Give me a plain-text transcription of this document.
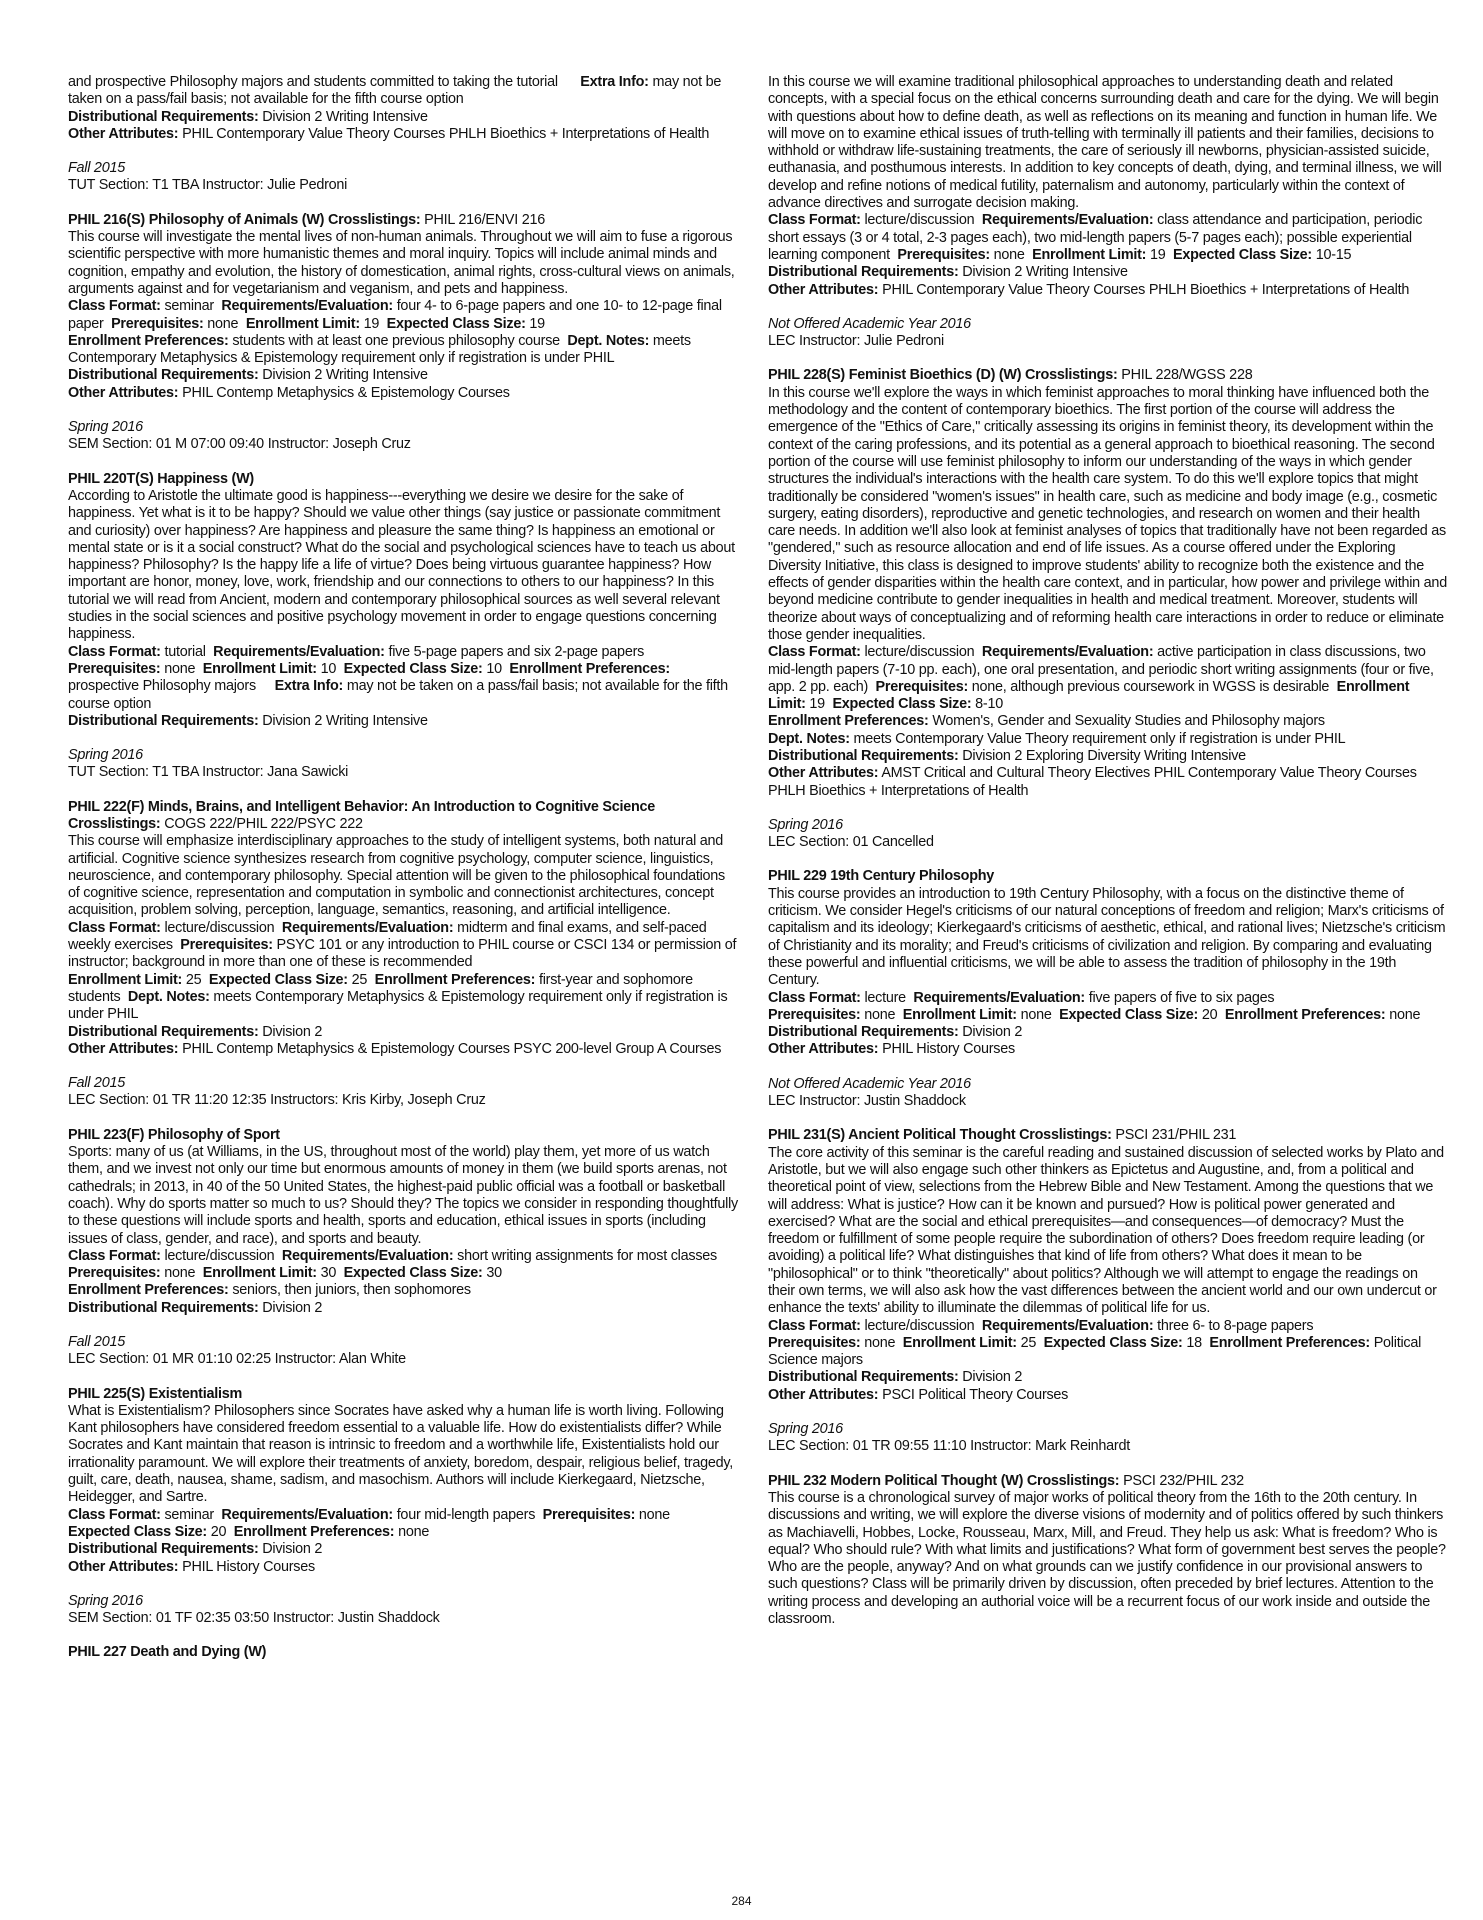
and prospective Philosophy majors and students committed to taking the tutorial Extra Info: may not be taken on a pass/fail basis; not available for the fifth course option
Distributional Requirements: Division 2 Writing Intensive
Other Attributes: PHIL Contemporary Value Theory Courses PHLH Bioethics + Interpretations of Health
Fall 2015
TUT Section: T1 TBA Instructor: Julie Pedroni
PHIL 216(S) Philosophy of Animals (W) Crosslistings: PHIL 216/ENVI 216
This course will investigate the mental lives of non-human animals. Throughout we will aim to fuse a rigorous scientific perspective with more humanistic themes and moral inquiry. Topics will include animal minds and cognition, empathy and evolution, the history of domestication, animal rights, cross-cultural views on animals, arguments against and for vegetarianism and veganism, and pets and happiness.
Class Format: seminar Requirements/Evaluation: four 4- to 6-page papers and one 10- to 12-page final paper Prerequisites: none Enrollment Limit: 19 Expected Class Size: 19
Enrollment Preferences: students with at least one previous philosophy course Dept. Notes: meets Contemporary Metaphysics & Epistemology requirement only if registration is under PHIL
Distributional Requirements: Division 2 Writing Intensive
Other Attributes: PHIL Contemp Metaphysics & Epistemology Courses
Spring 2016
SEM Section: 01 M 07:00 09:40 Instructor: Joseph Cruz
PHIL 220T(S) Happiness (W)
According to Aristotle the ultimate good is happiness---everything we desire we desire for the sake of happiness. Yet what is it to be happy? Should we value other things (say justice or passionate commitment and curiosity) over happiness? Are happiness and pleasure the same thing? Is happiness an emotional or mental state or is it a social construct? What do the social and psychological sciences have to teach us about happiness? Philosophy? Is the happy life a life of virtue? Does being virtuous guarantee happiness? How important are honor, money, love, work, friendship and our connections to others to our happiness? In this tutorial we will read from Ancient, modern and contemporary philosophical sources as well several relevant studies in the social sciences and positive psychology movement in order to engage questions concerning happiness.
Class Format: tutorial Requirements/Evaluation: five 5-page papers and six 2-page papers
Prerequisites: none Enrollment Limit: 10 Expected Class Size: 10 Enrollment Preferences: prospective Philosophy majors Extra Info: may not be taken on a pass/fail basis; not available for the fifth course option
Distributional Requirements: Division 2 Writing Intensive
Spring 2016
TUT Section: T1 TBA Instructor: Jana Sawicki
PHIL 222(F) Minds, Brains, and Intelligent Behavior: An Introduction to Cognitive Science Crosslistings: COGS 222/PHIL 222/PSYC 222
This course will emphasize interdisciplinary approaches to the study of intelligent systems, both natural and artificial. Cognitive science synthesizes research from cognitive psychology, computer science, linguistics, neuroscience, and contemporary philosophy. Special attention will be given to the philosophical foundations of cognitive science, representation and computation in symbolic and connectionist architectures, concept acquisition, problem solving, perception, language, semantics, reasoning, and artificial intelligence.
Class Format: lecture/discussion Requirements/Evaluation: midterm and final exams, and self-paced weekly exercises Prerequisites: PSYC 101 or any introduction to PHIL course or CSCI 134 or permission of instructor; background in more than one of these is recommended
Enrollment Limit: 25 Expected Class Size: 25 Enrollment Preferences: first-year and sophomore students Dept. Notes: meets Contemporary Metaphysics & Epistemology requirement only if registration is under PHIL
Distributional Requirements: Division 2
Other Attributes: PHIL Contemp Metaphysics & Epistemology Courses PSYC 200-level Group A Courses
Fall 2015
LEC Section: 01 TR 11:20 12:35 Instructors: Kris Kirby, Joseph Cruz
PHIL 223(F) Philosophy of Sport
Sports: many of us (at Williams, in the US, throughout most of the world) play them, yet more of us watch them, and we invest not only our time but enormous amounts of money in them (we build sports arenas, not cathedrals; in 2013, in 40 of the 50 United States, the highest-paid public official was a football or basketball coach). Why do sports matter so much to us? Should they? The topics we consider in responding thoughtfully to these questions will include sports and health, sports and education, ethical issues in sports (including issues of class, gender, and race), and sports and beauty.
Class Format: lecture/discussion Requirements/Evaluation: short writing assignments for most classes  Prerequisites: none Enrollment Limit: 30 Expected Class Size: 30
Enrollment Preferences: seniors, then juniors, then sophomores
Distributional Requirements: Division 2
Fall 2015
LEC Section: 01 MR 01:10 02:25 Instructor: Alan White
PHIL 225(S) Existentialism
What is Existentialism? Philosophers since Socrates have asked why a human life is worth living. Following Kant philosophers have considered freedom essential to a valuable life. How do existentialists differ? While Socrates and Kant maintain that reason is intrinsic to freedom and a worthwhile life, Existentialists hold our irrationality paramount. We will explore their treatments of anxiety, boredom, despair, religious belief, tragedy, guilt, care, death, nausea, shame, sadism, and masochism. Authors will include Kierkegaard, Nietzsche, Heidegger, and Sartre.
Class Format: seminar Requirements/Evaluation: four mid-length papers Prerequisites: none   Expected Class Size: 20 Enrollment Preferences: none
Distributional Requirements: Division 2
Other Attributes: PHIL History Courses
Spring 2016
SEM Section: 01 TF 02:35 03:50 Instructor: Justin Shaddock
PHIL 227 Death and Dying (W)
In this course we will examine traditional philosophical approaches to understanding death and related concepts, with a special focus on the ethical concerns surrounding death and care for the dying. We will begin with questions about how to define death, as well as reflections on its meaning and function in human life. We will move on to examine ethical issues of truth-telling with terminally ill patients and their families, decisions to withhold or withdraw life-sustaining treatments, the care of seriously ill newborns, physician-assisted suicide, euthanasia, and posthumous interests. In addition to key concepts of death, dying, and terminal illness, we will develop and refine notions of medical futility, paternalism and autonomy, particularly within the context of advance directives and surrogate decision making.
Class Format: lecture/discussion Requirements/Evaluation: class attendance and participation, periodic short essays (3 or 4 total, 2-3 pages each), two mid-length papers (5-7 pages each); possible experiential learning component Prerequisites: none Enrollment Limit: 19 Expected Class Size: 10-15
Distributional Requirements: Division 2 Writing Intensive
Other Attributes: PHIL Contemporary Value Theory Courses PHLH Bioethics + Interpretations of Health
Not Offered Academic Year 2016
LEC Instructor: Julie Pedroni
PHIL 228(S) Feminist Bioethics (D) (W) Crosslistings: PHIL 228/WGSS 228
In this course we'll explore the ways in which feminist approaches to moral thinking have influenced both the methodology and the content of contemporary bioethics. The first portion of the course will address the emergence of the "Ethics of Care," critically assessing its origins in feminist theory, its development within the context of the caring professions, and its potential as a general approach to bioethical reasoning. The second portion of the course will use feminist philosophy to inform our understanding of the ways in which gender structures the individual's interactions with the health care system. To do this we'll explore topics that might traditionally be considered "women's issues" in health care, such as medicine and body image (e.g., cosmetic surgery, eating disorders), reproductive and genetic technologies, and research on women and their health care needs. In addition we'll also look at feminist analyses of topics that traditionally have not been regarded as "gendered," such as resource allocation and end of life issues. As a course offered under the Exploring Diversity Initiative, this class is designed to improve students' ability to recognize both the existence and the effects of gender disparities within the health care context, and in particular, how power and privilege within and beyond medicine contribute to gender inequalities in health and medical treatment. Moreover, students will theorize about ways of conceptualizing and of reforming health care interactions in order to reduce or eliminate those gender inequalities.
Class Format: lecture/discussion Requirements/Evaluation: active participation in class discussions, two mid-length papers (7-10 pp. each), one oral presentation, and periodic short writing assignments (four or five, app. 2 pp. each) Prerequisites: none, although previous coursework in WGSS is desirable Enrollment Limit: 19 Expected Class Size: 8-10
Enrollment Preferences: Women's, Gender and Sexuality Studies and Philosophy majors
Dept. Notes: meets Contemporary Value Theory requirement only if registration is under PHIL
Distributional Requirements: Division 2 Exploring Diversity Writing Intensive
Other Attributes: AMST Critical and Cultural Theory Electives PHIL Contemporary Value Theory Courses PHLH Bioethics + Interpretations of Health
Spring 2016
LEC Section: 01 Cancelled
PHIL 229 19th Century Philosophy
This course provides an introduction to 19th Century Philosophy, with a focus on the distinctive theme of criticism. We consider Hegel's criticisms of our natural conceptions of freedom and religion; Marx's criticisms of capitalism and its ideology; Kierkegaard's criticisms of aesthetic, ethical, and rational lives; Nietzsche's criticism of Christianity and its morality; and Freud's criticisms of civilization and religion. By comparing and evaluating these powerful and influential criticisms, we will be able to assess the tradition of philosophy in the 19th Century.
Class Format: lecture Requirements/Evaluation: five papers of five to six pages
Prerequisites: none Enrollment Limit: none Expected Class Size: 20 Enrollment Preferences: none
Distributional Requirements: Division 2
Other Attributes: PHIL History Courses
Not Offered Academic Year 2016
LEC Instructor: Justin Shaddock
PHIL 231(S) Ancient Political Thought Crosslistings: PSCI 231/PHIL 231
The core activity of this seminar is the careful reading and sustained discussion of selected works by Plato and Aristotle, but we will also engage such other thinkers as Epictetus and Augustine, and, from a political and theoretical point of view, selections from the Hebrew Bible and New Testament. Among the questions that we will address: What is justice? How can it be known and pursued? How is political power generated and exercised? What are the social and ethical prerequisites—and consequences—of democracy? Must the freedom or fulfillment of some people require the subordination of others? Does freedom require leading (or avoiding) a political life? What distinguishes that kind of life from others? What does it mean to be "philosophical" or to think "theoretically" about politics? Although we will attempt to engage the readings on their own terms, we will also ask how the vast differences between the ancient world and our own undercut or enhance the texts' ability to illuminate the dilemmas of political life for us.
Class Format: lecture/discussion Requirements/Evaluation: three 6- to 8-page papers
Prerequisites: none Enrollment Limit: 25 Expected Class Size: 18 Enrollment Preferences: Political Science majors
Distributional Requirements: Division 2
Other Attributes: PSCI Political Theory Courses
Spring 2016
LEC Section: 01 TR 09:55 11:10 Instructor: Mark Reinhardt
PHIL 232 Modern Political Thought (W) Crosslistings: PSCI 232/PHIL 232
This course is a chronological survey of major works of political theory from the 16th to the 20th century. In discussions and writing, we will explore the diverse visions of modernity and of politics offered by such thinkers as Machiavelli, Hobbes, Locke, Rousseau, Marx, Mill, and Freud. They help us ask: What is freedom? Who is equal? Who should rule? With what limits and justifications? What form of government best serves the people? Who are the people, anyway? And on what grounds can we justify confidence in our provisional answers to such questions? Class will be primarily driven by discussion, often preceded by brief lectures. Attention to the writing process and developing an authorial voice will be a recurrent focus of our work inside and outside the classroom.
284
